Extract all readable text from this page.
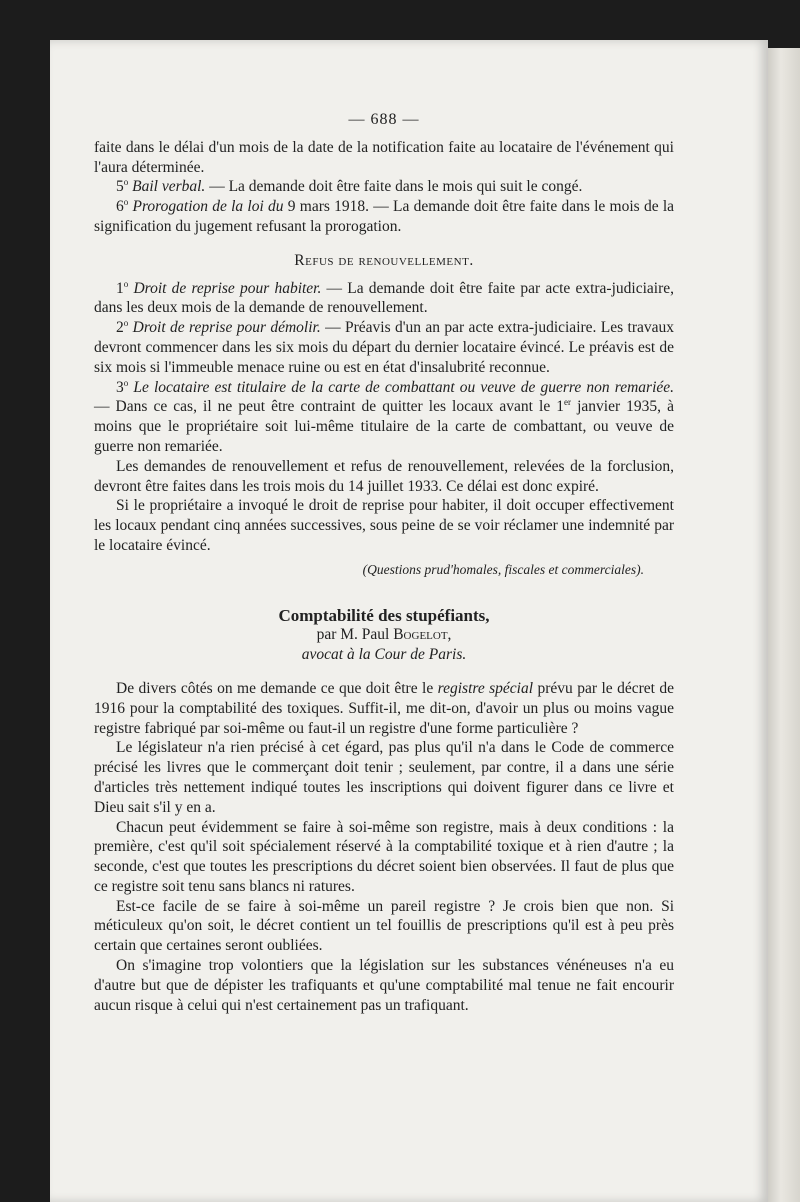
— 688 —

faite dans le délai d'un mois de la date de la notification faite au locataire de l'événement qui l'aura déterminée.

5$^o$ Bail verbal. — La demande doit être faite dans le mois qui suit le congé.

6$^o$ Prorogation de la loi du 9 mars 1918. — La demande doit être faite dans le mois de la signification du jugement refusant la prorogation.

Refus de renouvellement.

1$^o$ Droit de reprise pour habiter. — La demande doit être faite par acte extra-judiciaire, dans les deux mois de la demande de renouvellement.

2$^o$ Droit de reprise pour démolir. — Préavis d'un an par acte extra-judiciaire. Les travaux devront commencer dans les six mois du départ du dernier locataire évincé. Le préavis est de six mois si l'immeuble menace ruine ou est en état d'insalubrité reconnue.

3$^o$ Le locataire est titulaire de la carte de combattant ou veuve de guerre non remariée. — Dans ce cas, il ne peut être contraint de quitter les locaux avant le 1er janvier 1935, à moins que le propriétaire soit lui-même titulaire de la carte de combattant, ou veuve de guerre non remariée.

Les demandes de renouvellement et refus de renouvellement, relevées de la forclusion, devront être faites dans les trois mois du 14 juillet 1933. Ce délai est donc expiré.

Si le propriétaire a invoqué le droit de reprise pour habiter, il doit occuper effectivement les locaux pendant cinq années successives, sous peine de se voir réclamer une indemnité par le locataire évincé.

(Questions prud'homales, fiscales et commerciales).
Comptabilité des stupéfiants,
par M. Paul Bogelot,
avocat à la Cour de Paris.

De divers côtés on me demande ce que doit être le registre spécial prévu par le décret de 1916 pour la comptabilité des toxiques. Suffit-il, me dit-on, d'avoir un plus ou moins vague registre fabriqué par soi-même ou faut-il un registre d'une forme particulière ?

Le législateur n'a rien précisé à cet égard, pas plus qu'il n'a dans le Code de commerce précisé les livres que le commerçant doit tenir ; seulement, par contre, il a dans une série d'articles très nettement indiqué toutes les inscriptions qui doivent figurer dans ce livre et Dieu sait s'il y en a.

Chacun peut évidemment se faire à soi-même son registre, mais à deux conditions : la première, c'est qu'il soit spécialement réservé à la comptabilité toxique et à rien d'autre ; la seconde, c'est que toutes les prescriptions du décret soient bien observées. Il faut de plus que ce registre soit tenu sans blancs ni ratures.

Est-ce facile de se faire à soi-même un pareil registre ? Je crois bien que non. Si méticuleux qu'on soit, le décret contient un tel fouillis de prescriptions qu'il est à peu près certain que certaines seront oubliées.

On s'imagine trop volontiers que la législation sur les substances vénéneuses n'a eu d'autre but que de dépister les trafiquants et qu'une comptabilité mal tenue ne fait encourir aucun risque à celui qui n'est certainement pas un trafiquant.
